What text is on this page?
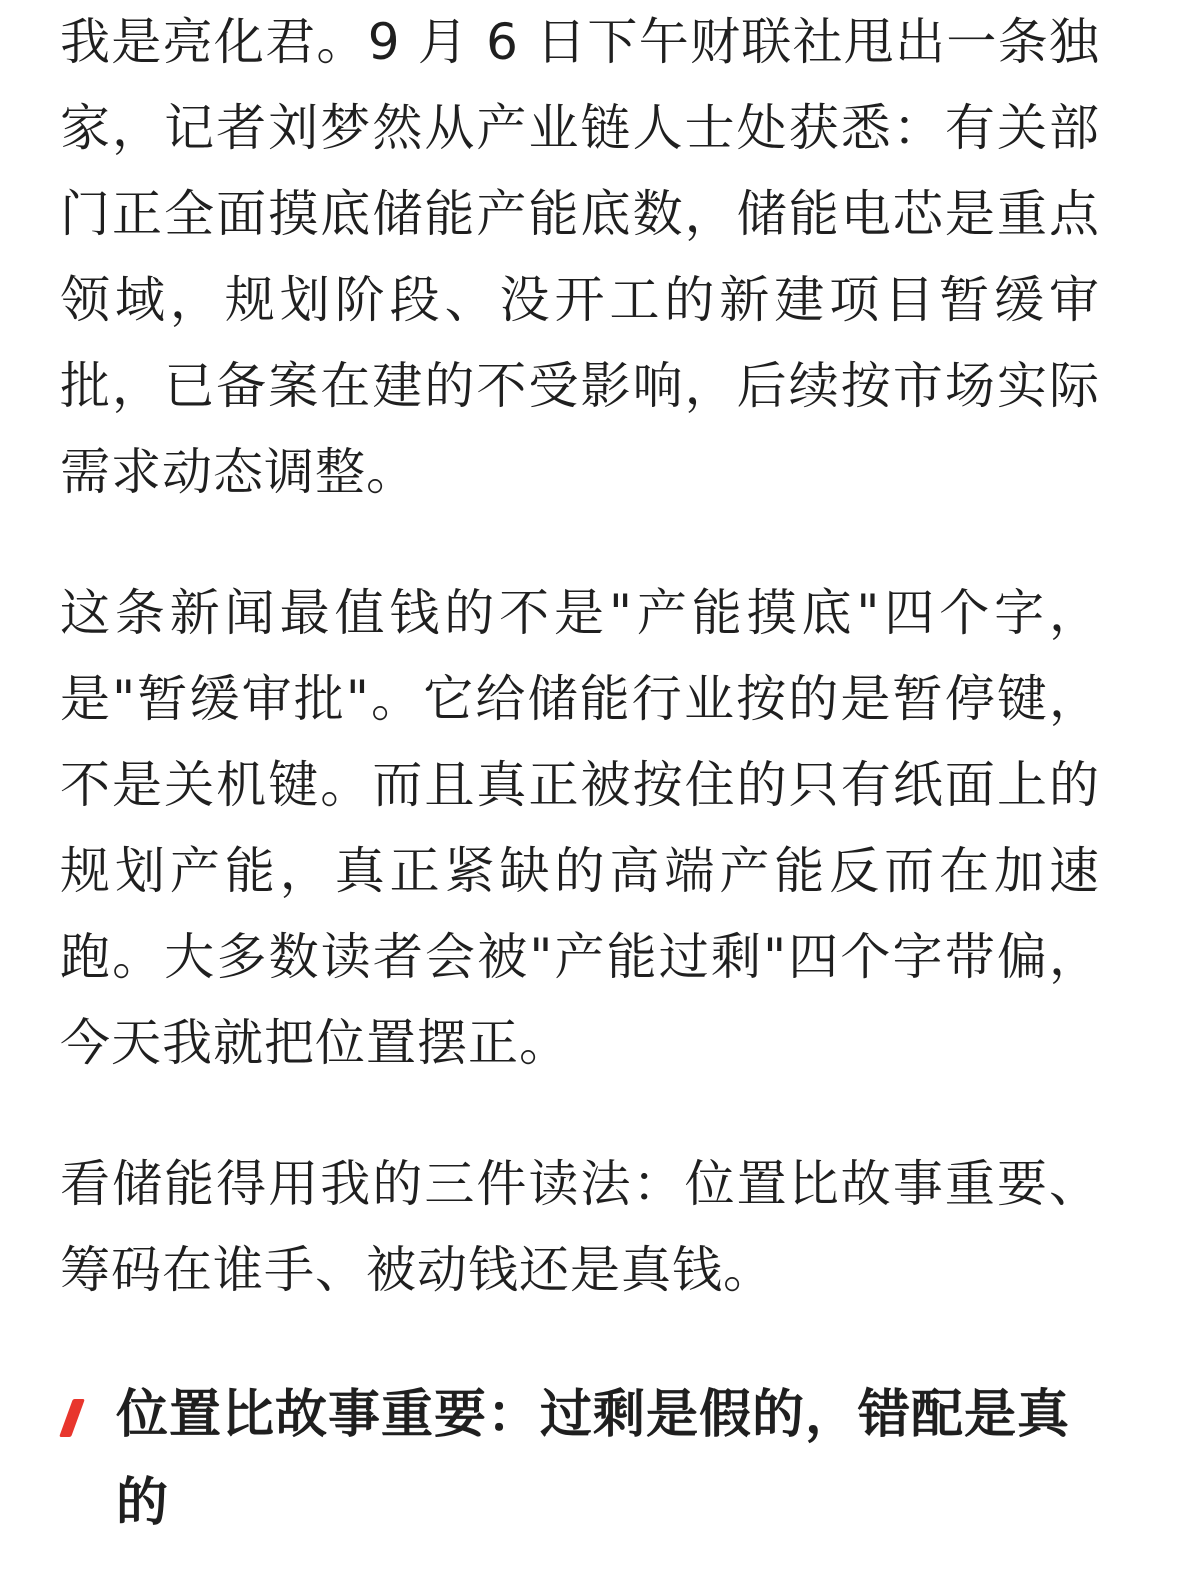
我是亮化君。9 月 6 日下午财联社甩出一条独家，记者刘梦然从产业链人士处获悉：有关部门正全面摸底储能产能底数，储能电芯是重点领域，规划阶段、没开工的新建项目暂缓审批，已备案在建的不受影响，后续按市场实际需求动态调整。

这条新闻最值钱的不是"产能摸底"四个字，是"暂缓审批"。它给储能行业按的是暂停键，不是关机键。而且真正被按住的只有纸面上的规划产能，真正紧缺的高端产能反而在加速跑。大多数读者会被"产能过剩"四个字带偏，今天我就把位置摆正。

看储能得用我的三件读法：位置比故事重要、筹码在谁手、被动钱还是真钱。

位置比故事重要：过剩是假的，错配是真的
